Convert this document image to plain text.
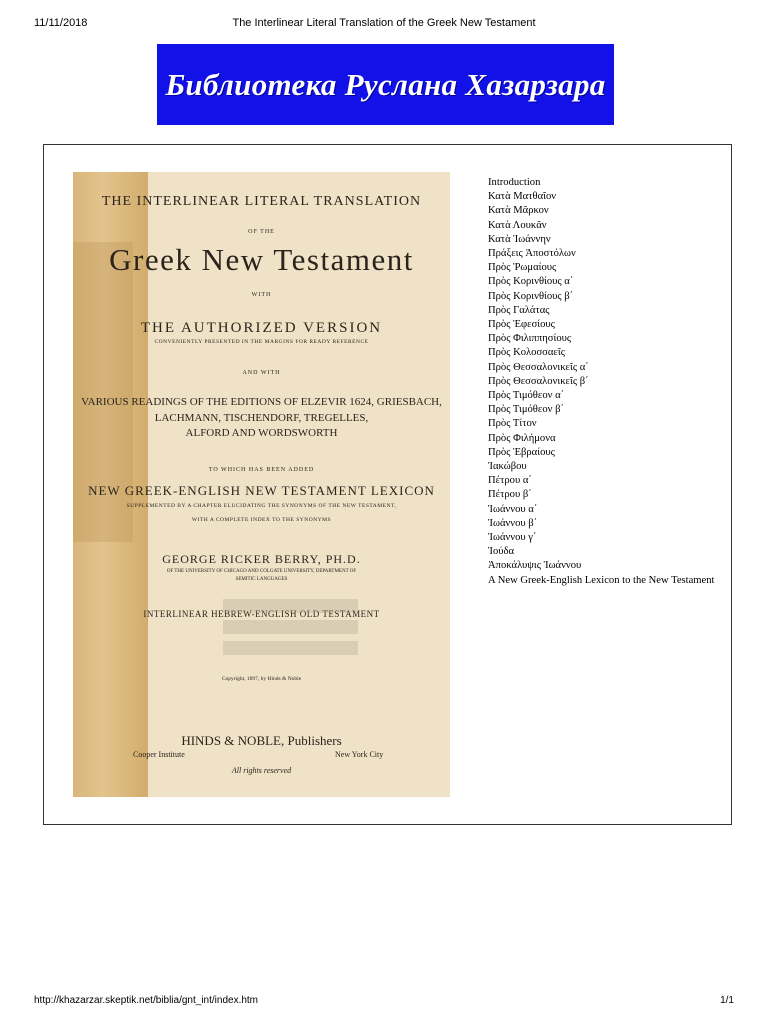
11/11/2018	The Interlinear Literal Translation of the Greek New Testament
Библиотека Руслана Хазарзара
THE INTERLINEAR LITERAL TRANSLATION
OF THE
Greek New Testament
WITH
THE AUTHORIZED VERSION
CONVENIENTLY PRESENTED IN THE MARGINS FOR READY REFERENCE
AND WITH
VARIOUS READINGS OF THE EDITIONS OF ELZEVIR 1624, GRIESBACH,
LACHMANN, TISCHENDORF, TREGELLES,
ALFORD AND WORDSWORTH
TO WHICH HAS BEEN ADDED
NEW GREEK-ENGLISH NEW TESTAMENT LEXICON
SUPPLEMENTED BY A CHAPTER ELUCIDATING THE SYNONYMS OF THE NEW TESTAMENT,
WITH A COMPLETE INDEX TO THE SYNONYMS
GEORGE RICKER BERRY, PH.D.
OF THE UNIVERSITY OF CHICAGO AND COLGATE UNIVERSITY, DEPARTMENT OF
SEMITIC LANGUAGES
INTERLINEAR HEBREW-ENGLISH OLD TESTAMENT
Copyright, 1897, by Hinds & Noble
HINDS & NOBLE, Publishers
Cooper Institute	New York City
All rights reserved
Introduction
Κατὰ Ματθαῖον
Κατὰ Μᾶρκον
Κατὰ Λουκᾶν
Κατὰ Ἰωάννην
Πράξεις Ἀποστόλων
Πρὸς Ῥωμαίους
Πρὸς Κορινθίους α΄
Πρὸς Κορινθίους β΄
Πρὸς Γαλάτας
Πρὸς Ἐφεσίους
Πρὸς Φιλιππησίους
Πρὸς Κολοσσαεῖς
Πρὸς Θεσσαλονικεῖς α΄
Πρὸς Θεσσαλονικεῖς β΄
Πρὸς Τιμόθεον α΄
Πρὸς Τιμόθεον β΄
Πρὸς Τίτον
Πρὸς Φιλήμονα
Πρὸς Ἑβραίους
Ἰακώβου
Πέτρου α΄
Πέτρου β΄
Ἰωάννου α΄
Ἰωάννου β΄
Ἰωάννου γ΄
Ἰούδα
Ἀποκάλυψις Ἰωάννου
A New Greek-English Lexicon to the New Testament
http://khazarzar.skeptik.net/biblia/gnt_int/index.htm	1/1
